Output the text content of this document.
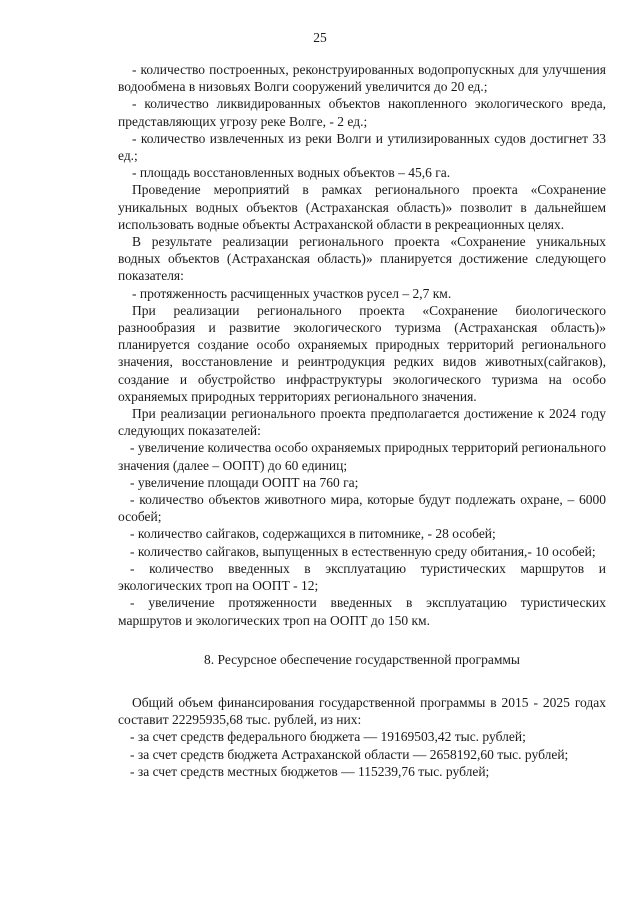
25

- количество построенных, реконструированных водопропускных для улучшения водообмена в низовьях Волги сооружений увеличится до 20 ед.;

- количество ликвидированных объектов накопленного экологического вреда, представляющих угрозу реке Волге, - 2 ед.;

- количество извлеченных из реки Волги и утилизированных судов достигнет 33 ед.;

- площадь восстановленных водных объектов – 45,6 га.

Проведение мероприятий в рамках регионального проекта «Сохранение уникальных водных объектов (Астраханская область)» позволит в дальнейшем использовать водные объекты Астраханской области в рекреационных целях.

В результате реализации регионального проекта «Сохранение уникальных водных объектов (Астраханская область)» планируется достижение следующего показателя:

- протяженность расчищенных участков русел – 2,7 км.

При реализации регионального проекта «Сохранение биологического разнообразия и развитие экологического туризма (Астраханская область)» планируется создание особо охраняемых природных территорий регионального значения, восстановление и реинтродукция редких видов животных(сайгаков), создание и обустройство инфраструктуры экологического туризма на особо охраняемых природных территориях регионального значения.

При реализации регионального проекта предполагается достижение к 2024 году следующих показателей:

- увеличение количества особо охраняемых природных территорий регионального значения (далее – ООПТ) до 60 единиц;

- увеличение площади ООПТ на 760 га;

- количество объектов животного мира, которые будут подлежать охране, – 6000 особей;

- количество сайгаков, содержащихся в питомнике, - 28 особей;

- количество сайгаков, выпущенных в естественную среду обитания,- 10 особей;

- количество введенных в эксплуатацию туристических маршрутов и экологических троп на ООПТ - 12;

- увеличение протяженности введенных в эксплуатацию туристических маршрутов и экологических троп на ООПТ до 150 км.

8. Ресурсное обеспечение государственной программы

Общий объем финансирования государственной программы в 2015 - 2025 годах составит 22295935,68 тыс. рублей, из них:

- за счет средств федерального бюджета — 19169503,42 тыс. рублей;

- за счет средств бюджета Астраханской области — 2658192,60 тыс. рублей;

- за счет средств местных бюджетов — 115239,76 тыс. рублей;
